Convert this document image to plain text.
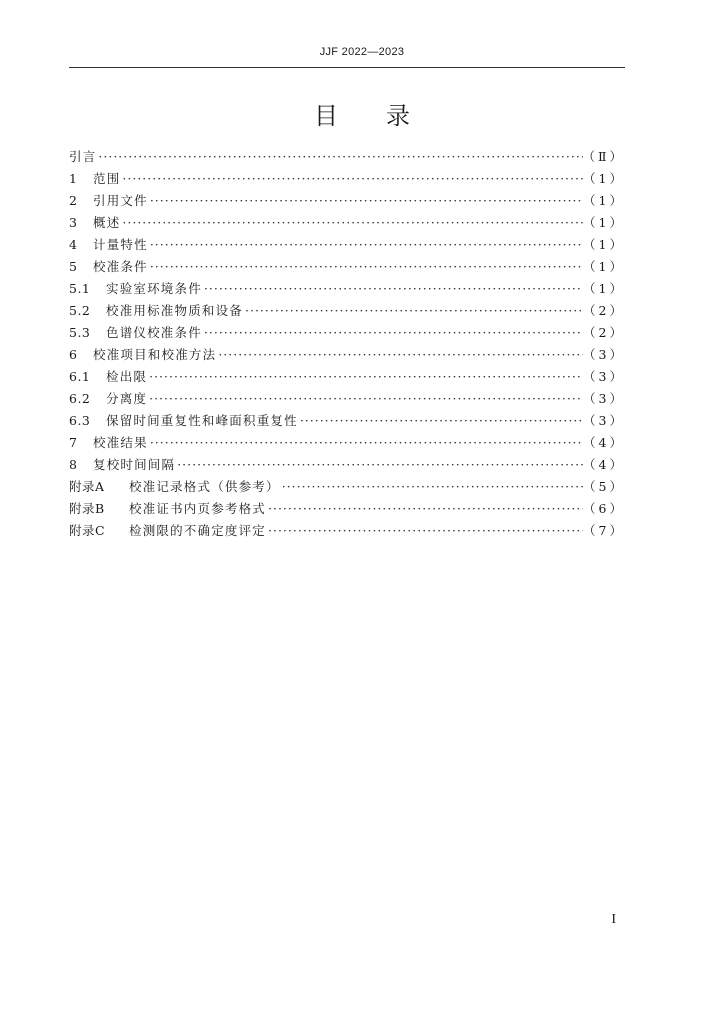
JJF 2022—2023
目 录
引言 ·····	（Ⅱ）
1	范围 ·····	（1）
2	引用文件 ·····	（1）
3	概述 ·····	（1）
4	计量特性 ·····	（1）
5	校准条件 ·····	（1）
5.1	实验室环境条件 ·····	（1）
5.2	校准用标准物质和设备 ·····	（2）
5.3	色谱仪校准条件 ·····	（2）
6	校准项目和校准方法 ·····	（3）
6.1	检出限 ·····	（3）
6.2	分离度 ·····	（3）
6.3	保留时间重复性和峰面积重复性 ·····	（3）
7	校准结果 ·····	（4）
8	复校时间间隔 ·····	（4）
附录A	校准记录格式（供参考） ·····	（5）
附录B	校准证书内页参考格式 ·····	（6）
附录C	检测限的不确定度评定 ·····	（7）
I
